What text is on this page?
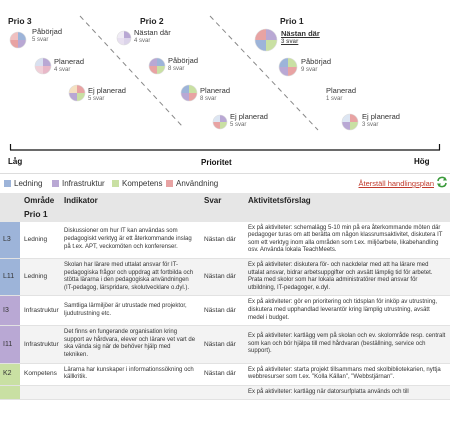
Prio 3	Prio 2	Prio 1
Påbörjad
5 svar
Planerad
4 svar
Ej planerad
5 svar
Nästan där
4 svar
Påbörjad
8 svar
Planerad
8 svar
Ej planerad
5 svar
Nästan där
3 svar
Påbörjad
9 svar
Planerad
1 svar
Ej planerad
3 svar
Låg	Prioritet	Hög
Ledning Infrastruktur Kompetens Användning	Återställ handlingsplan
	Område	Indikator	Svar	Aktivitetsförslag
	Prio 1			
L3	Ledning	Diskussioner om hur IT kan användas som pedagogiskt verktyg är ett återkommande inslag på t.ex. APT, veckomöten och konferenser.	Nästan där	Ex på aktiviteter: schemalägg 5-10 min på era återkommande möten där pedagoger turas om att berätta om någon klassrumsaktivitet, diskutera IT som ett verktyg inom alla områden som t.ex. miljöarbete, likabehandling osv. Använda lokala TeachMeets.
L11	Ledning	Skolan har lärare med uttalat ansvar för IT-pedagogiska frågor och uppdrag att fortbilda och stötta lärarna i den pedagogiska användningen (IT-pedagog, lärspridare, skolutvecklare o.dyl.).	Nästan där	Ex på aktiviteter: diskutera för- och nackdelar med att ha lärare med uttalat ansvar, bidrar arbetsuppgifter och avsätt lämplig tid för arbetet. Prata med skolor som har lokala administratörer med ansvar för utbildning, IT-pedagoger, e.dyl.
I3	Infrastruktur	Samtliga lärmiljöer är utrustade med projektor, ljudutrustning etc.	Nästan där	Ex på aktiviteter: gör en prioritering och tidsplan för inköp av utrustning, diskutera med upphandlad leverantör kring lämplig utrustning, avsätt medel i budget.
I11	Infrastruktur	Det finns en fungerande organisation kring support av hårdvara, elever och lärare vet vart de ska vända sig när de behöver hjälp med tekniken.	Nästan där	Ex på aktiviteter: kartlägg vem på skolan och ev. skolområde resp. centralt som kan och bör hjälpa till med hårdvaran (beställning, service och support).
K2	Kompetens	Lärarna har kunskaper i informationssökning och källkritik.	Nästan där	Ex på aktiviteter: starta projekt tillsammans med skolbibliotekarien, nyttja webbresurser som t.ex. "Kolla Källan", "Webbstjärnan".
				Ex på aktiviteter: kartlägg när datorsurfplatta används och till
